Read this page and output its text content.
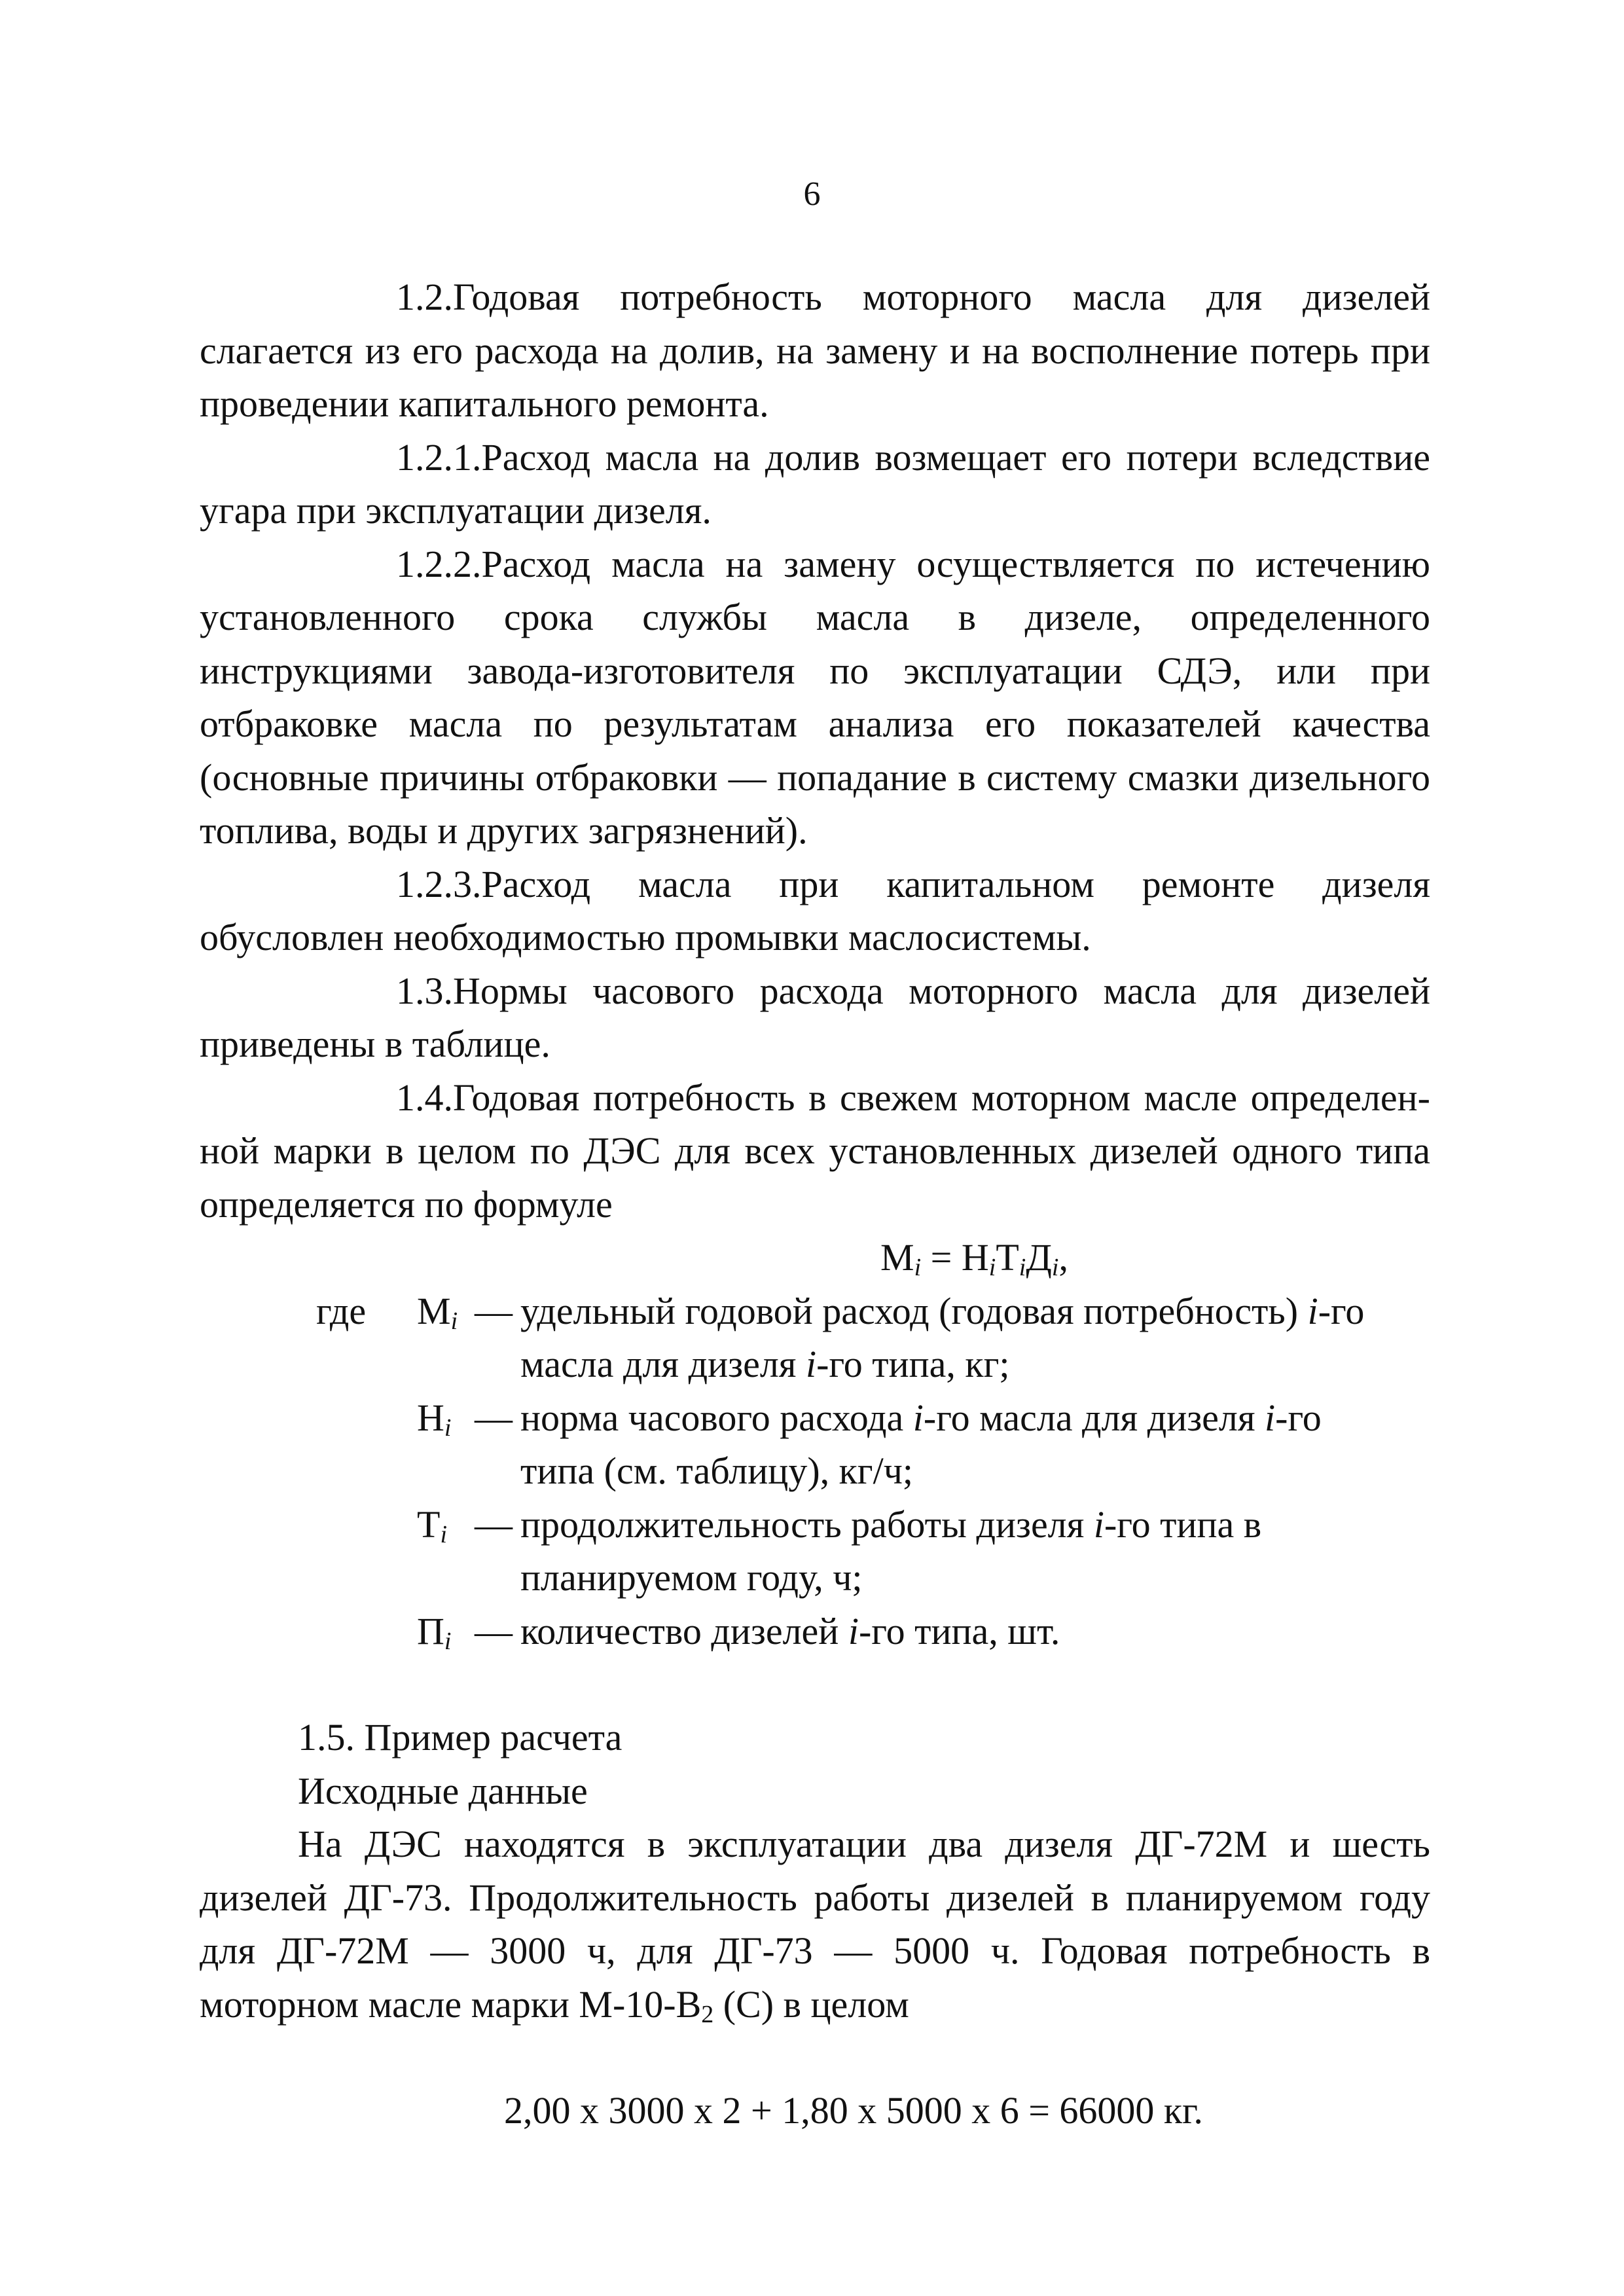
6

1.2.Годовая потребность моторного масла для дизелей слагается из его расхода на долив, на замену и на восполнение потерь при проведении капитального ремонта.

1.2.1.Расход масла на долив возмещает его потери вследствие угара при эксплуатации дизеля.

1.2.2.Расход масла на замену осуществляется по истечению установленного срока службы масла в дизеле, определенного инструкциями завода-изготовителя по эксплуатации СДЭ, или при отбраковке масла по результатам анализа его показателей качества (основные причины отбраковки — попадание в систему смазки дизельного топлива, воды и других загрязнений).

1.2.3.Расход масла при капитальном ремонте дизеля обусловлен необходимостью промывки маслосистемы.

1.3.Нормы часового расхода моторного масла для дизелей приведены в таблице.

1.4.Годовая потребность в свежем моторном масле определенной марки в целом по ДЭС для всех установленных дизелей одного типа определяется по формуле

$М_i = Н_iТ_iД_i$,

где $М_i$ — удельный годовой расход (годовая потребность) i-го
масла для дизеля i-го типа, кг;
$Н_i$ — норма часового расхода i-го масла для дизеля i-го
типа (см. таблицу), кг/ч;
$Т_i$ — продолжительность работы дизеля i-го типа в
планируемом году, ч;
$П_i$ — количество дизелей i-го типа, шт.

1.5. Пример расчета

Исходные данные

На ДЭС находятся в эксплуатации два дизеля ДГ-72М и шесть дизелей ДГ-73. Продолжительность работы дизелей в планируемом году для ДГ-72М — 3000 ч, для ДГ-73 — 5000 ч. Годовая потребность в моторном масле марки $М-10-В_2$ (С) в целом

2,00 х 3000 х 2 + 1,80 х 5000 х 6 = 66000 кг.
